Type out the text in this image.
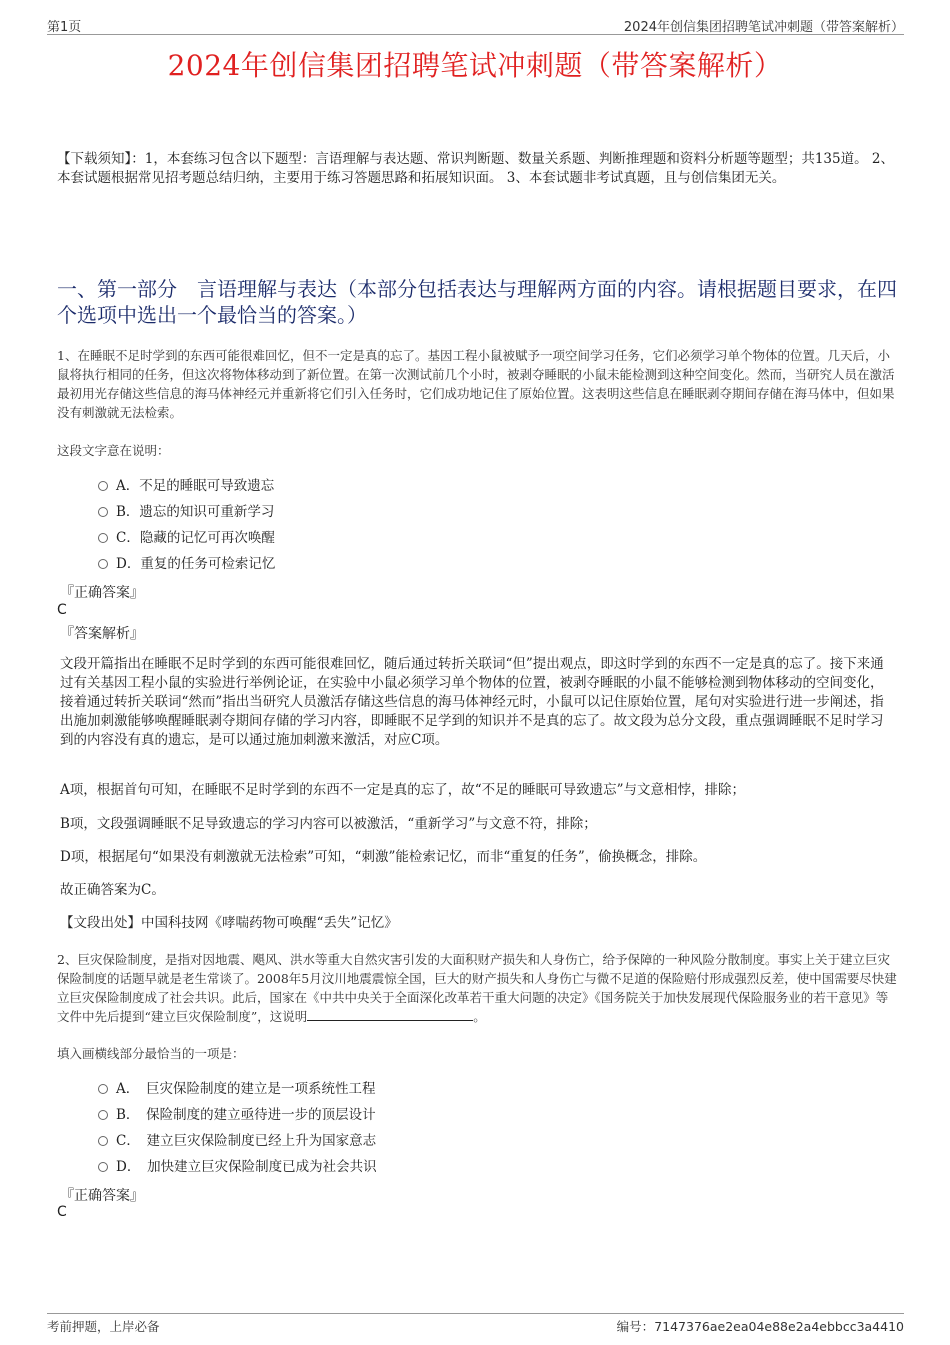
第1页	2024年创信集团招聘笔试冲刺题（带答案解析）
2024年创信集团招聘笔试冲刺题（带答案解析）
【下载须知】：1，本套练习包含以下题型：言语理解与表达题、常识判断题、数量关系题、判断推理题和资料分析题等题型；共135道。 2、本套试题根据常见招考题总结归纳，主要用于练习答题思路和拓展知识面。 3、本套试题非考试真题，且与创信集团无关。
一、第一部分　言语理解与表达（本部分包括表达与理解两方面的内容。请根据题目要求，在四个选项中选出一个最恰当的答案。）
1、在睡眠不足时学到的东西可能很难回忆，但不一定是真的忘了。基因工程小鼠被赋予一项空间学习任务，它们必须学习单个物体的位置。几天后，小鼠将执行相同的任务，但这次将物体移动到了新位置。在第一次测试前几个小时，被剥夺睡眠的小鼠未能检测到这种空间变化。然而，当研究人员在激活最初用光存储这些信息的海马体神经元并重新将它们引入任务时，它们成功地记住了原始位置。这表明这些信息在睡眠剥夺期间存储在海马体中，但如果没有刺激就无法检索。
这段文字意在说明：
A．不足的睡眠可导致遗忘
B．遗忘的知识可重新学习
C．隐藏的记忆可再次唤醒
D．重复的任务可检索记忆
『正确答案』
C
『答案解析』
文段开篇指出在睡眠不足时学到的东西可能很难回忆，随后通过转折关联词“但”提出观点，即这时学到的东西不一定是真的忘了。接下来通过有关基因工程小鼠的实验进行举例论证，在实验中小鼠必须学习单个物体的位置，被剥夺睡眠的小鼠不能够检测到物体移动的空间变化，接着通过转折关联词“然而”指出当研究人员激活存储这些信息的海马体神经元时，小鼠可以记住原始位置，尾句对实验进行进一步阐述，指出施加刺激能够唤醒睡眠剥夺期间存储的学习内容，即睡眠不足学到的知识并不是真的忘了。故文段为总分文段，重点强调睡眠不足时学习到的内容没有真的遗忘，是可以通过施加刺激来激活，对应C项。
A项，根据首句可知，在睡眠不足时学到的东西不一定是真的忘了，故“不足的睡眠可导致遗忘”与文意相悖，排除；
B项，文段强调睡眠不足导致遗忘的学习内容可以被激活，“重新学习”与文意不符，排除；
D项，根据尾句“如果没有刺激就无法检索”可知，“刺激”能检索记忆，而非“重复的任务”，偷换概念，排除。
故正确答案为C。
【文段出处】中国科技网《哮喘药物可唤醒“丢失”记忆》
2、巨灾保险制度，是指对因地震、飓风、洪水等重大自然灾害引发的大面积财产损失和人身伤亡，给予保障的一种风险分散制度。事实上关于建立巨灾保险制度的话题早就是老生常谈了。2008年5月汶川地震震惊全国，巨大的财产损失和人身伤亡与微不足道的保险赔付形成强烈反差，使中国需要尽快建立巨灾保险制度成了社会共识。此后，国家在《中共中央关于全面深化改革若干重大问题的决定》《国务院关于加快发展现代保险服务业的若干意见》等文件中先后提到“建立巨灾保险制度”，这说明	。
填入画横线部分最恰当的一项是：
A．　巨灾保险制度的建立是一项系统性工程
B．　保险制度的建立亟待进一步的顶层设计
C．　建立巨灾保险制度已经上升为国家意志
D．　加快建立巨灾保险制度已成为社会共识
『正确答案』
C
考前押题，上岸必备	编号：7147376ae2ea04e88e2a4ebbcc3a4410
